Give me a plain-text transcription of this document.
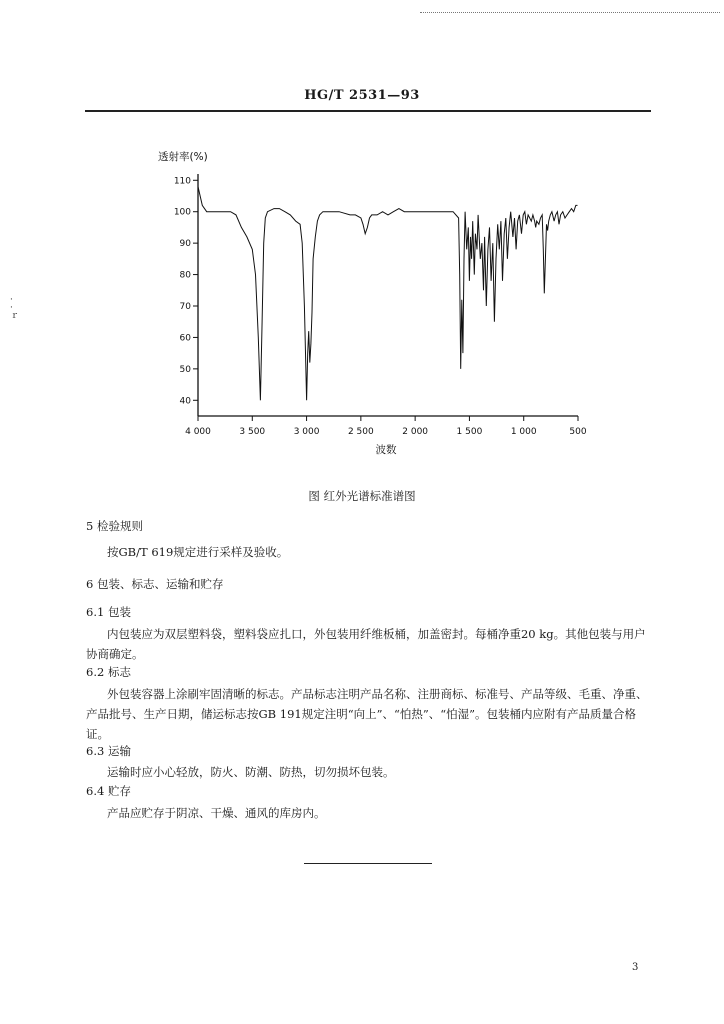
·
·
ｒ
HG/T 2531—93
透射率(%)
110
100
90
80
70
60
50
40
4 000	3 500	3 000	2 500	2 000	1 500	1 000	500
波数
图 红外光谱标准谱图
5 检验规则
按GB/T 619规定进行采样及验收。
6 包装、标志、运输和贮存
6.1 包装
内包装应为双层塑料袋，塑料袋应扎口，外包装用纤维板桶，加盖密封。每桶净重20 kg。其他包装与用户协商确定。
6.2 标志
外包装容器上涂刷牢固清晰的标志。产品标志注明产品名称、注册商标、标准号、产品等级、毛重、净重、产品批号、生产日期，储运标志按GB 191规定注明“向上”、“怕热”、“怕湿”。包装桶内应附有产品质量合格证。
6.3 运输
运输时应小心轻放，防火、防潮、防热，切勿损坏包装。
6.4 贮存
产品应贮存于阴凉、干燥、通风的库房内。
3
